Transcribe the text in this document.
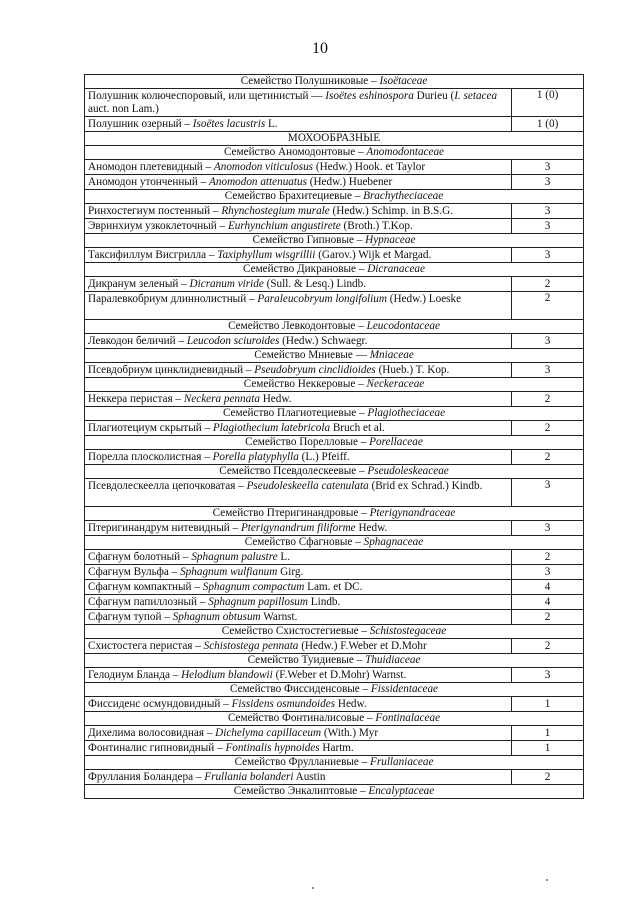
10
Семейство Полушниковые – Isoëtaceae	
Полушник колючеспоровый, или щетинистый — Isoëtes eshinospora Durieu (I. setacea auct. non Lam.)	1 (0)
Полушник озерный – Isoëtes lacustris L.	1 (0)
МОХООБРАЗНЫЕ	
Семейство Аномодонтовые – Anomodontaceae	
Аномодон плетевидный – Anomodon viticulosus (Hedw.) Hook. et Taylor	3
Аномодон утонченный – Anomodon attenuatus (Hedw.) Huebener	3
Семейство Брахитециевые – Brachytheciaceae	
Ринхостегиум постенный – Rhynchostegium murale (Hedw.) Schimp. in B.S.G.	3
Эвринхиум узкоклеточный – Eurhynchium angustirete (Broth.) T.Kop.	3
Семейство Гипновые – Hypnaceae	
Таксифиллум Висгрилла – Taxiphyllum wisgrillii (Garov.) Wijk et Margad.	3
Семейство Дикрановые – Dicranaceae	
Дикранум зеленый – Dicranum viride (Sull. & Lesq.) Lindb.	2
Паралевкобриум длиннолистный – Paraleucobryum longifolium (Hedw.) Loeske	2
Семейство Левкодонтовые – Leucodontaceae	
Левкодон беличий – Leucodon sciuroides (Hedw.) Schwaegr.	3
Семейство Мниевые — Mniaceae	
Псевдобриум цинклидиевидный – Pseudobryum cinclidioides (Hueb.) T. Kop.	3
Семейство Неккеровые – Neckeraceae	
Неккера перистая – Neckera pennata Hedw.	2
Семейство Плагиотециевые – Plagiotheciaceae	
Плагиотециум скрытый – Plagiothecium latebricola Bruch et al.	2
Семейство Порелловые – Porellaceae	
Порелла плосколистная – Porella platyphylla (L.) Pfeiff.	2
Семейство Псевдолескеевые – Pseudoleskeaceae	
Псевдолескеелла цепочковатая – Pseudoleskeella catenulata (Brid ex Schrad.) Kindb.	3
Семейство Птеригинандровые – Pterigynandraceae	
Птеригинандрум нитевидный – Pterigynandrum filiforme Hedw.	3
Семейство Сфагновые – Sphagnaceae	
Сфагнум болотный – Sphagnum palustre L.	2
Сфагнум Вульфа – Sphagnum wulfianum Girg.	3
Сфагнум компактный – Sphagnum compactum Lam. et DC.	4
Сфагнум папиллозный – Sphagnum papillosum Lindb.	4
Сфагнум тупой – Sphagnum obtusum Warnst.	2
Семейство Схистостегиевые – Schistostegaceae	
Схистостега перистая – Schistostega pennata (Hedw.) F.Weber et D.Mohr	2
Семейство Туидиевые – Thuidiaceae	
Гелодиум Бланда – Helodium blandowii (F.Weber et D.Mohr) Warnst.	3
Семейство Фиссиденсовые – Fissidentaceae	
Фиссиденс осмундовидный – Fissidens osmundoides Hedw.	1
Семейство Фонтиналисовые – Fontinalaceae	
Дихелима волосовидная – Dichelyma capillaceum (With.) Myr	1
Фонтиналис гипновидный – Fontinalis hypnoides Hartm.	1
Семейство Фруллaниевые – Frullaniaceae	
Фруллания Боландера – Frullania bolanderi Austin	2
Семейство Энкалиптовые – Encalyptaceae	
